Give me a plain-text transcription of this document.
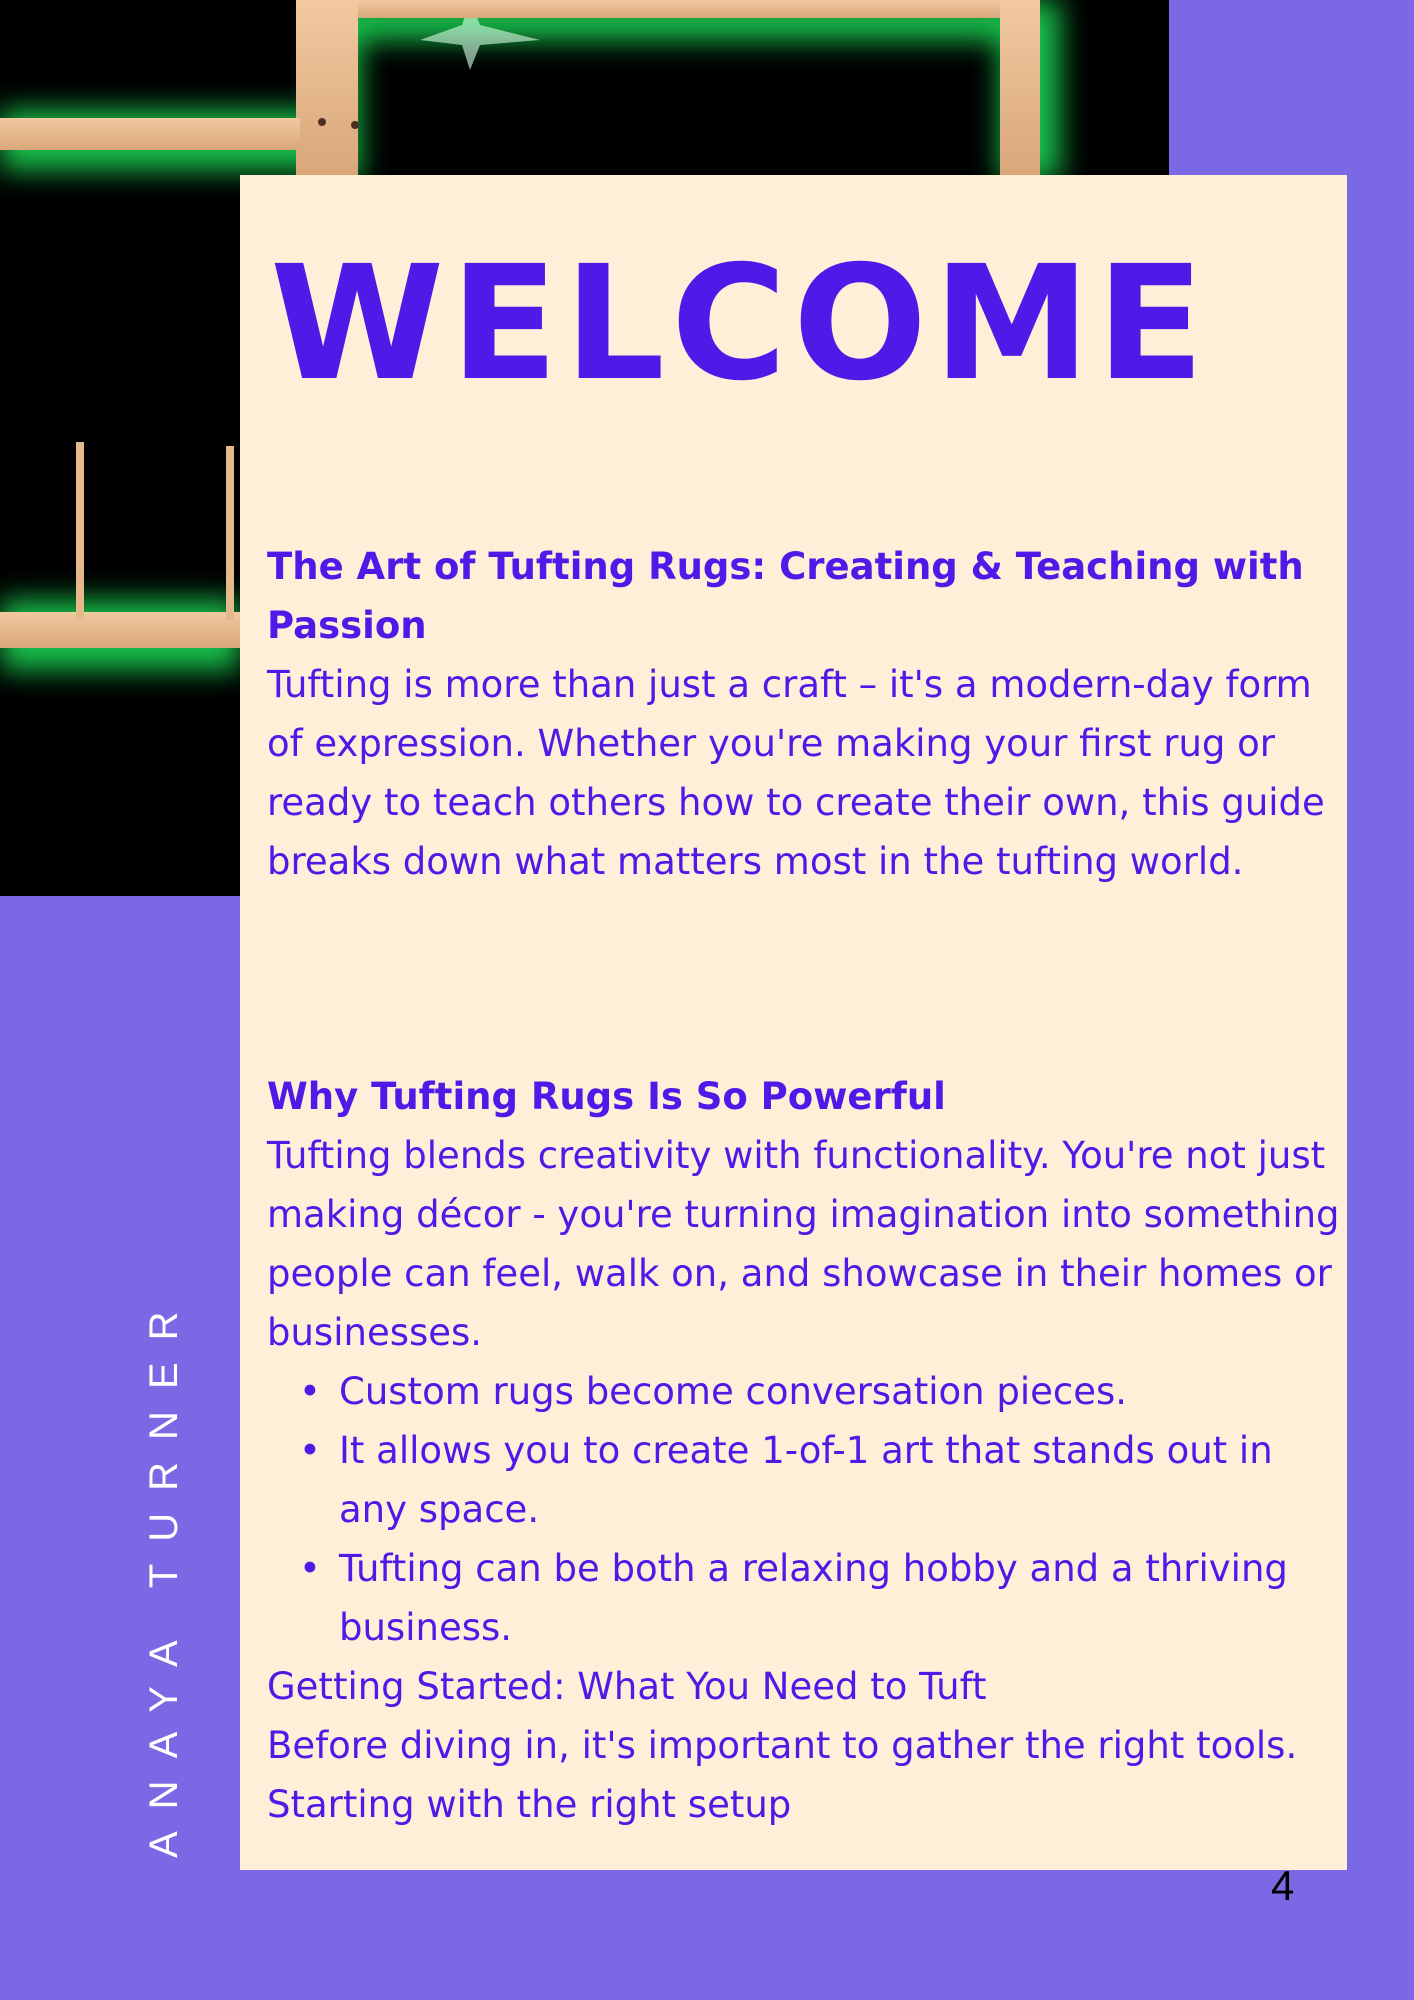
ANAYA TURNER
WELCOME

The Art of Tufting Rugs: Creating & Teaching with Passion

Tufting is more than just a craft – it's a modern-day form of expression. Whether you're making your first rug or ready to teach others how to create their own, this guide breaks down what matters most in the tufting world.

Why Tufting Rugs Is So Powerful

Tufting blends creativity with functionality. You're not just making décor - you're turning imagination into something people can feel, walk on, and showcase in their homes or businesses.

• Custom rugs become conversation pieces.
• It allows you to create 1-of-1 art that stands out in any space.
• Tufting can be both a relaxing hobby and a thriving business.

Getting Started: What You Need to Tuft

Before diving in, it's important to gather the right tools. Starting with the right setup

4
